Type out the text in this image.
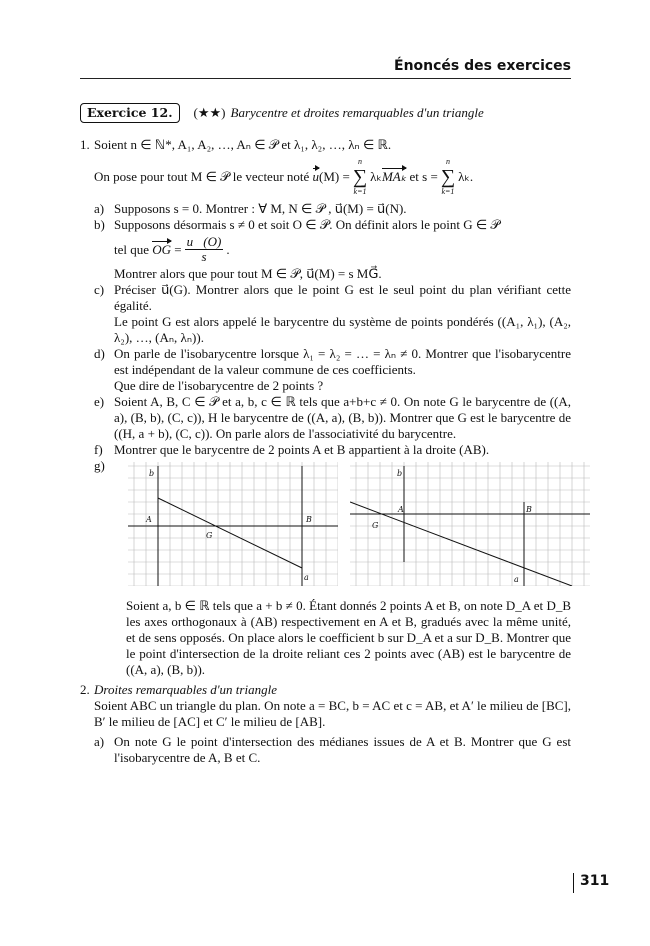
Énoncés des exercices
Exercice 12.	(★★) Barycentre et droites remarquables d'un triangle
1. Soient n ∈ ℕ*, A₁, A₂, …, Aₙ ∈ 𝒫 et λ₁, λ₂, …, λₙ ∈ ℝ.
On pose pour tout M ∈ 𝒫 le vecteur noté
u (M) =
n
∑
k=1
λₖ MAₖ
et s =
n
∑
k=1
λₖ.
a) Supposons s = 0. Montrer : ∀ M, N ∈ 𝒫 , u⃗(M) = u⃗(N).
b) Supposons désormais s ≠ 0 et soit O ∈ 𝒫. On définit alors le point G ∈ 𝒫
tel que
OG
= $\frac{u⃗(O)}{s}$ .
Montrer alors que pour tout M ∈ 𝒫, u⃗(M) = s MG⃗.
c) Préciser u⃗(G). Montrer alors que le point G est le seul point du plan vérifiant cette égalité.
Le point G est alors appelé le barycentre du système de points pondérés ((A₁, λ₁), (A₂, λ₂), …, (Aₙ, λₙ)).
d) On parle de l'isobarycentre lorsque λ₁ = λ₂ = … = λₙ ≠ 0. Montrer que l'isobarycentre est indépendant de la valeur commune de ces coefficients.
Que dire de l'isobarycentre de 2 points ?
e) Soient A, B, C ∈ 𝒫 et a, b, c ∈ ℝ tels que a+b+c ≠ 0. On note G le barycentre de ((A, a), (B, b), (C, c)), H le barycentre de ((A, a), (B, b)). Montrer que G est le barycentre de ((H, a + b), (C, c)). On parle alors de l'associativité du barycentre.
f) Montrer que le barycentre de 2 points A et B appartient à la droite (AB).
g)
b
A	B
G
a
b
A	B
G
a
Soient a, b ∈ ℝ tels que a + b ≠ 0. Étant donnés 2 points A et B, on note D_A et D_B les axes orthogonaux à (AB) respectivement en A et B, gradués avec la même unité, et de sens opposés. On place alors le coefficient b sur D_A et a sur D_B. Montrer que le point d'intersection de la droite reliant ces 2 points avec (AB) est le barycentre de ((A, a), (B, b)).
2. Droites remarquables d'un triangle
Soient ABC un triangle du plan. On note a = BC, b = AC et c = AB, et A′ le milieu de [BC], B′ le milieu de [AC] et C′ le milieu de [AB].
a) On note G le point d'intersection des médianes issues de A et B. Montrer que G est l'isobarycentre de A, B et C.
311
